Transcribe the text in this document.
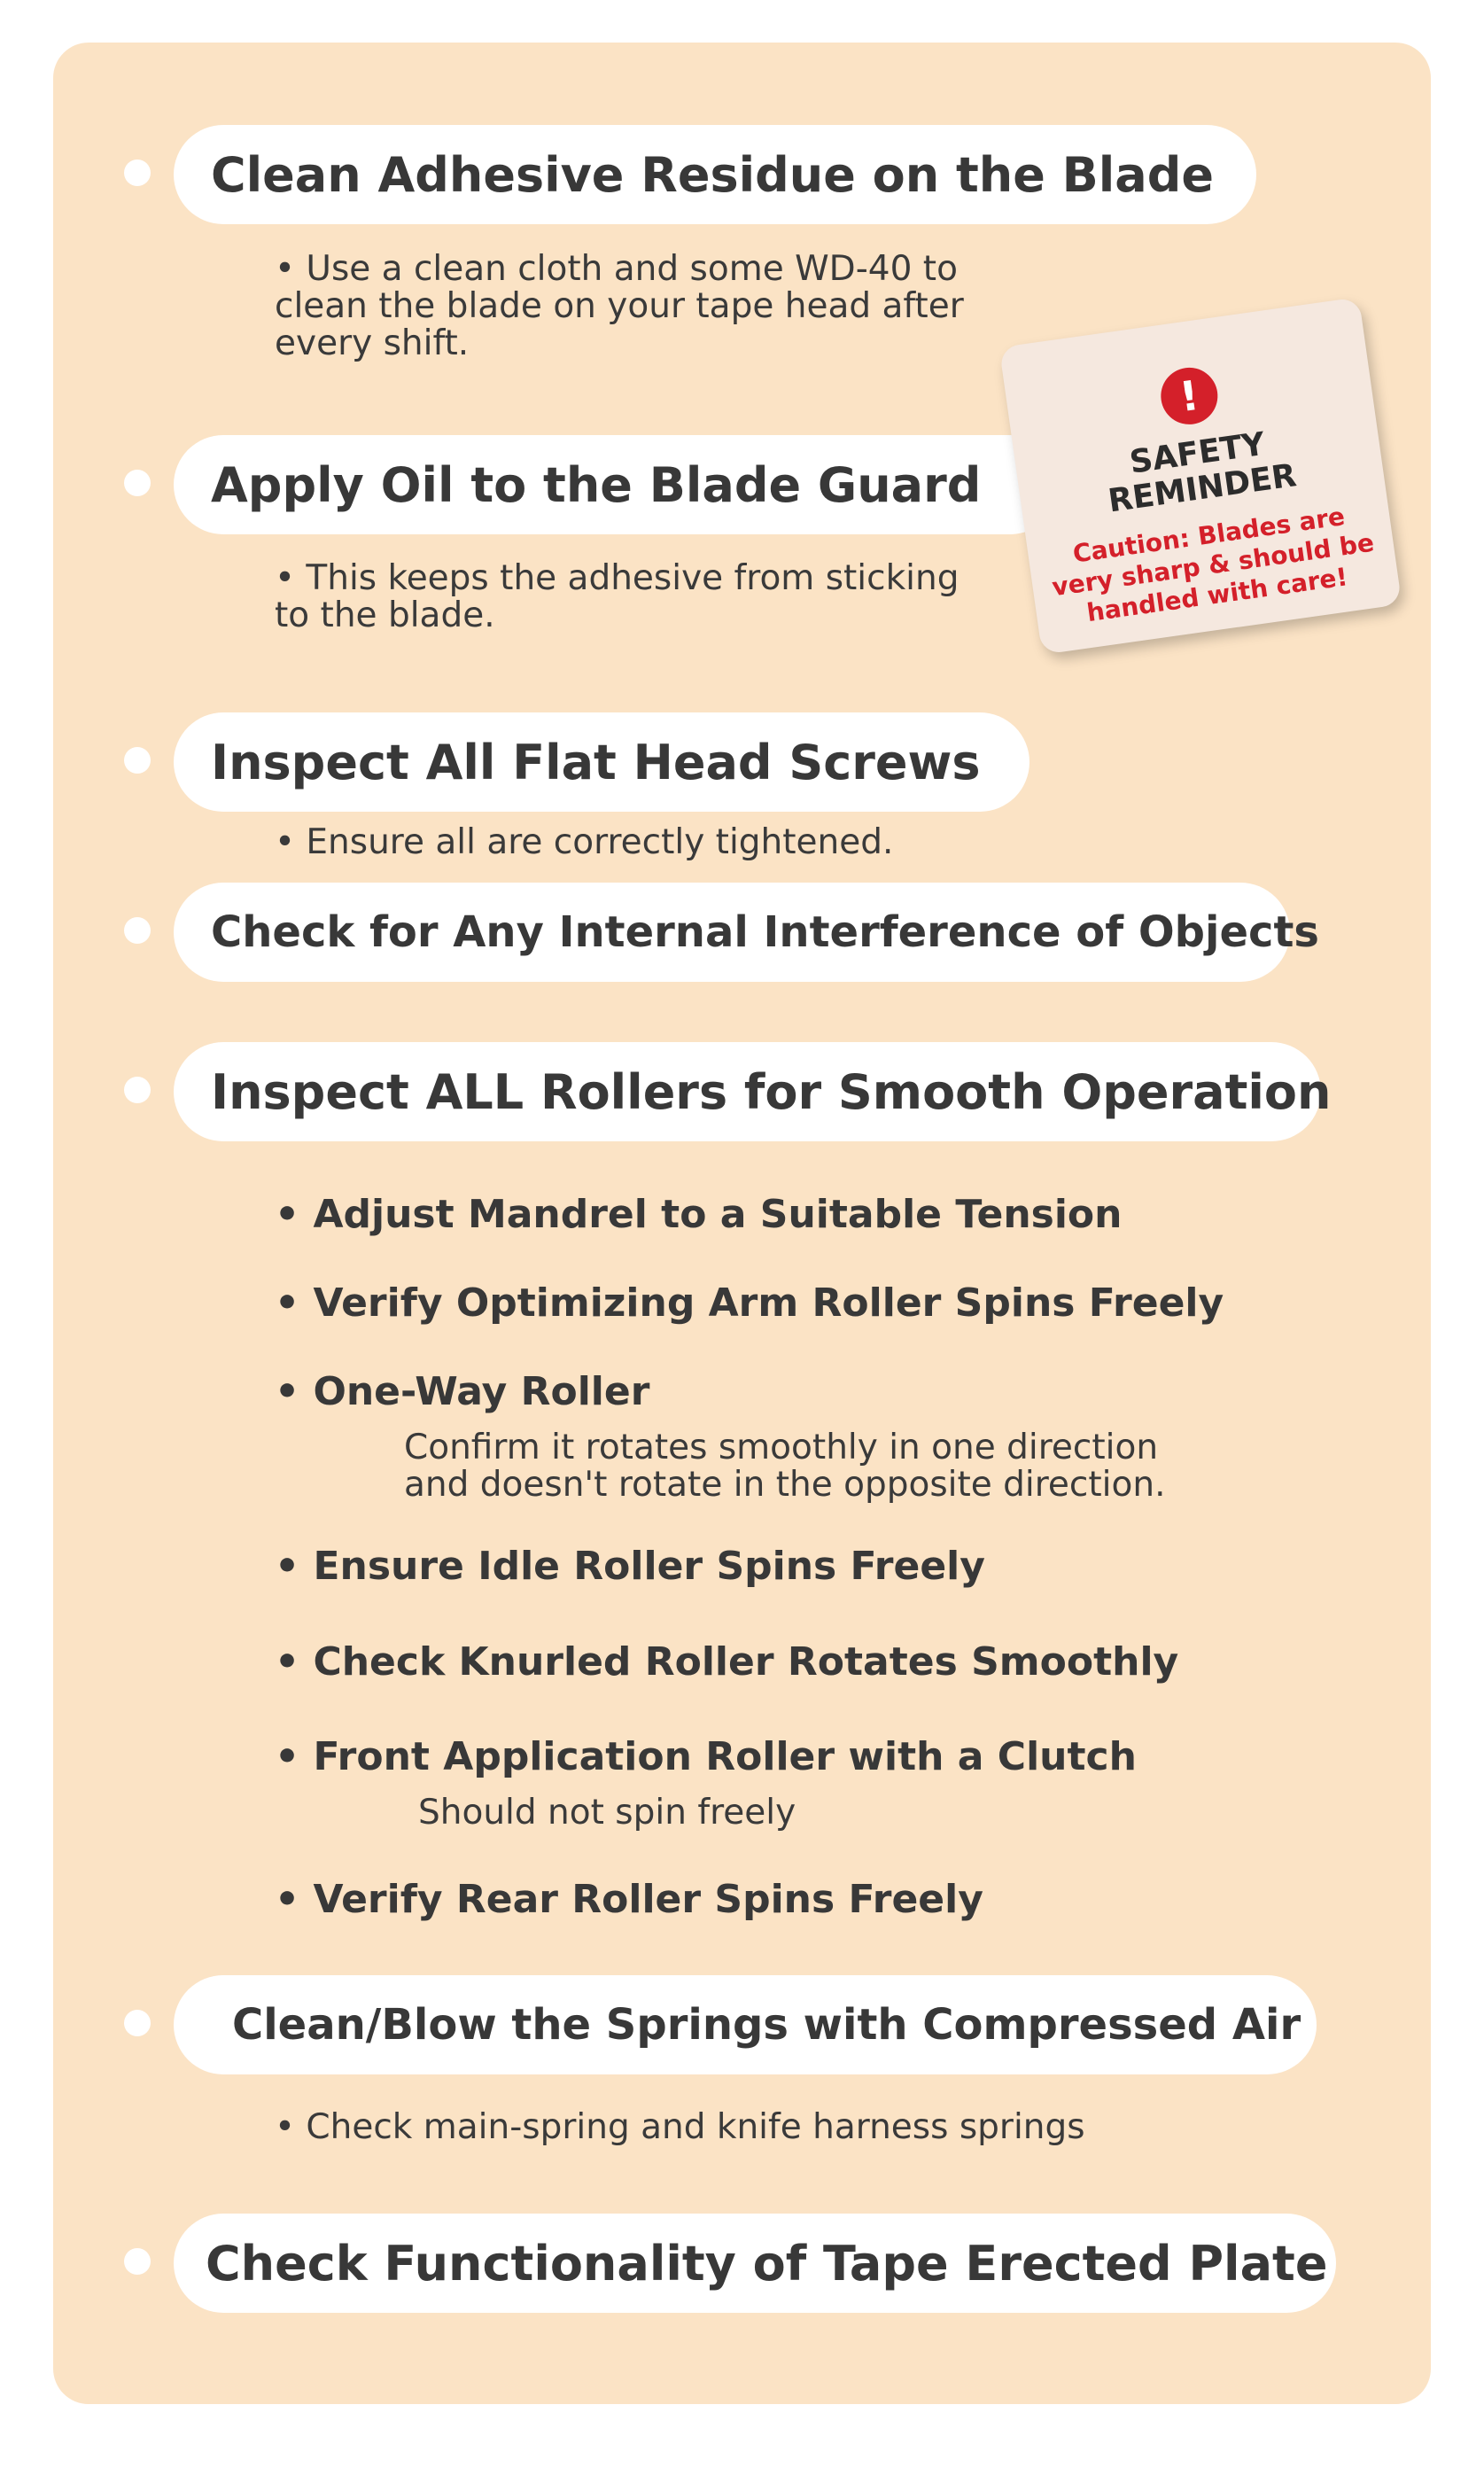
Clean Adhesive Residue on the Blade
• Use a clean cloth and some WD-40 to
clean the blade on your tape head after
every shift.
Apply Oil to the Blade Guard
• This keeps the adhesive from sticking
to the blade.
!
SAFETY
REMINDER
Caution: Blades are
very sharp & should be
handled with care!
Inspect All Flat Head Screws
• Ensure all are correctly tightened.
Check for Any Internal Interference of Objects
Inspect ALL Rollers for Smooth Operation
• Adjust Mandrel to a Suitable Tension
• Verify Optimizing Arm Roller Spins Freely
• One-Way Roller
Confirm it rotates smoothly in one direction
and doesn't rotate in the opposite direction.
• Ensure Idle Roller Spins Freely
• Check Knurled Roller Rotates Smoothly
• Front Application Roller with a Clutch
Should not spin freely
• Verify Rear Roller Spins Freely
Clean/Blow the Springs with Compressed Air
• Check main-spring and knife harness springs
Check Functionality of Tape Erected Plate
